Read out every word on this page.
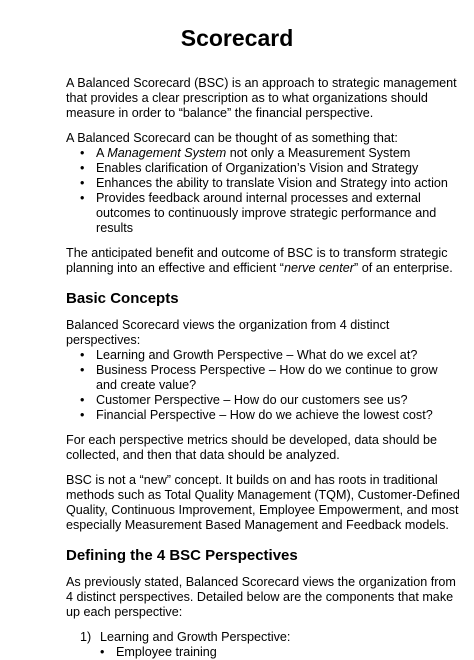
Scorecard

A Balanced Scorecard (BSC) is an approach to strategic management that provides a clear prescription as to what organizations should measure in order to “balance” the financial perspective.

A Balanced Scorecard can be thought of as something that:

• A Management System not only a Measurement System
• Enables clarification of Organization’s Vision and Strategy
• Enhances the ability to translate Vision and Strategy into action
• Provides feedback around internal processes and external outcomes to continuously improve strategic performance and results

The anticipated benefit and outcome of BSC is to transform strategic planning into an effective and efficient “nerve center” of an enterprise.

Basic Concepts

Balanced Scorecard views the organization from 4 distinct perspectives:

• Learning and Growth Perspective – What do we excel at?
• Business Process Perspective – How do we continue to grow and create value?
• Customer Perspective – How do our customers see us?
• Financial Perspective – How do we achieve the lowest cost?

For each perspective metrics should be developed, data should be collected, and then that data should be analyzed.

BSC is not a “new” concept. It builds on and has roots in traditional methods such as Total Quality Management (TQM), Customer-Defined Quality, Continuous Improvement, Employee Empowerment, and most especially Measurement Based Management and Feedback models.

Defining the 4 BSC Perspectives

As previously stated, Balanced Scorecard views the organization from 4 distinct perspectives. Detailed below are the components that make up each perspective:

1) Learning and Growth Perspective:
• Employee training
